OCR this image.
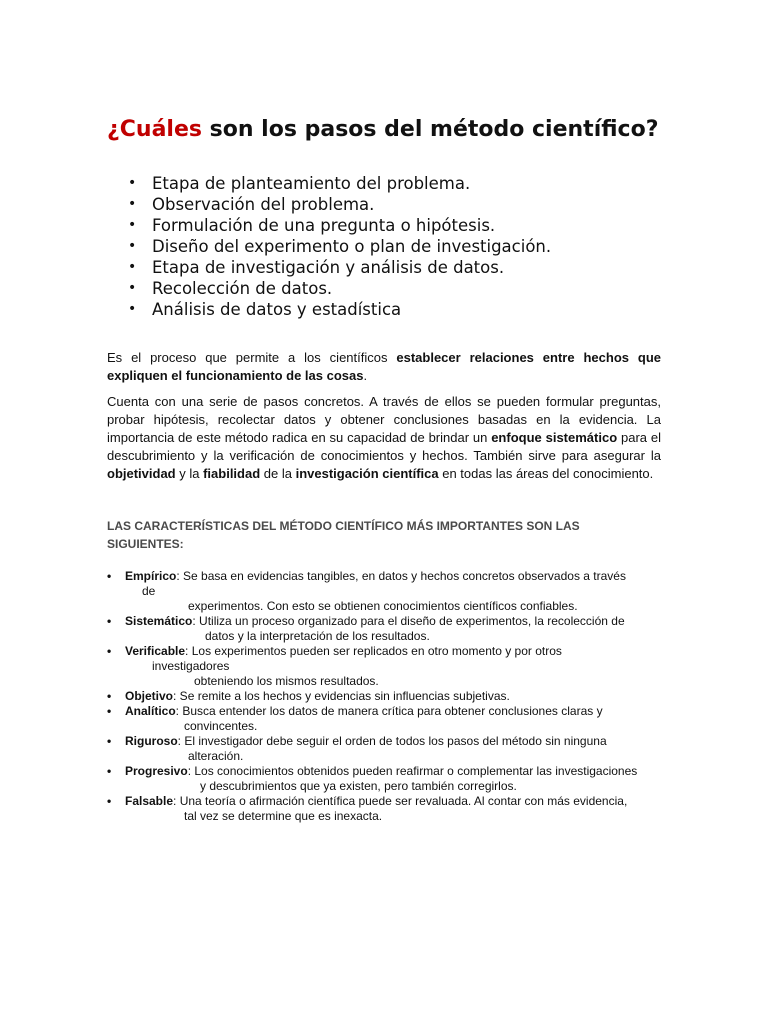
¿Cuáles son los pasos del método científico?
• Etapa de planteamiento del problema.
• Observación del problema.
• Formulación de una pregunta o hipótesis.
• Diseño del experimento o plan de investigación.
• Etapa de investigación y análisis de datos.
• Recolección de datos.
• Análisis de datos y estadística

Es el proceso que permite a los científicos establecer relaciones entre hechos que expliquen el funcionamiento de las cosas.

Cuenta con una serie de pasos concretos. A través de ellos se pueden formular preguntas, probar hipótesis, recolectar datos y obtener conclusiones basadas en la evidencia. La importancia de este método radica en su capacidad de brindar un enfoque sistemático para el descubrimiento y la verificación de conocimientos y hechos. También sirve para asegurar la objetividad y la fiabilidad de la investigación científica en todas las áreas del conocimiento.

LAS CARACTERÍSTICAS DEL MÉTODO CIENTÍFICO MÁS IMPORTANTES SON LAS SIGUIENTES:
• Empírico: Se basa en evidencias tangibles, en datos y hechos concretos observados a través
de
experimentos. Con esto se obtienen conocimientos científicos confiables.
• Sistemático: Utiliza un proceso organizado para el diseño de experimentos, la recolección de
datos y la interpretación de los resultados.
• Verificable: Los experimentos pueden ser replicados en otro momento y por otros
investigadores
obteniendo los mismos resultados.
• Objetivo: Se remite a los hechos y evidencias sin influencias subjetivas.
• Analítico: Busca entender los datos de manera crítica para obtener conclusiones claras y
convincentes.
• Riguroso: El investigador debe seguir el orden de todos los pasos del método sin ninguna
alteración.
• Progresivo: Los conocimientos obtenidos pueden reafirmar o complementar las investigaciones
y descubrimientos que ya existen, pero también corregirlos.
• Falsable: Una teoría o afirmación científica puede ser revaluada. Al contar con más evidencia,
tal vez se determine que es inexacta.
